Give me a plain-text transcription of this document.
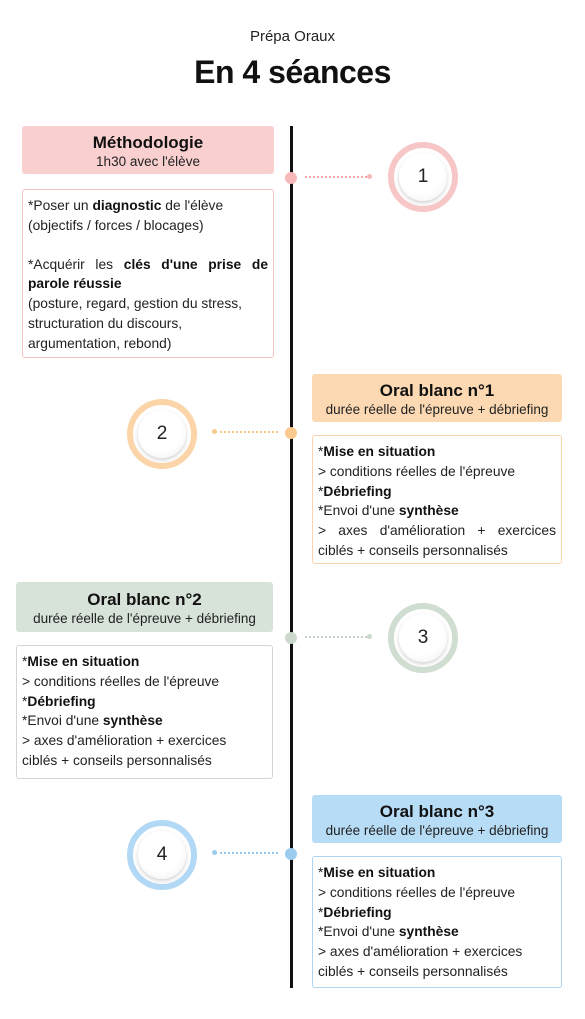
Prépa Oraux
En 4 séances
Méthodologie
1h30 avec l'élève

*Poser un diagnostic de l'élève

(objectifs / forces / blocages)

*Acquérir les clés d'une prise de parole réussie

(posture, regard, gestion du stress, structuration du discours, argumentation, rebond)

1
Oral blanc n°1
durée réelle de l'épreuve + débriefing

*Mise en situation

> conditions réelles de l'épreuve

*Débriefing

*Envoi d'une synthèse

> axes d'amélioration + exercices ciblés + conseils personnalisés

2
Oral blanc n°2
durée réelle de l'épreuve + débriefing

*Mise en situation

> conditions réelles de l'épreuve

*Débriefing

*Envoi d'une synthèse

> axes d'amélioration + exercices ciblés + conseils personnalisés

3
Oral blanc n°3
durée réelle de l'épreuve + débriefing

*Mise en situation

> conditions réelles de l'épreuve

*Débriefing

*Envoi d'une synthèse

> axes d'amélioration + exercices ciblés + conseils personnalisés

4
